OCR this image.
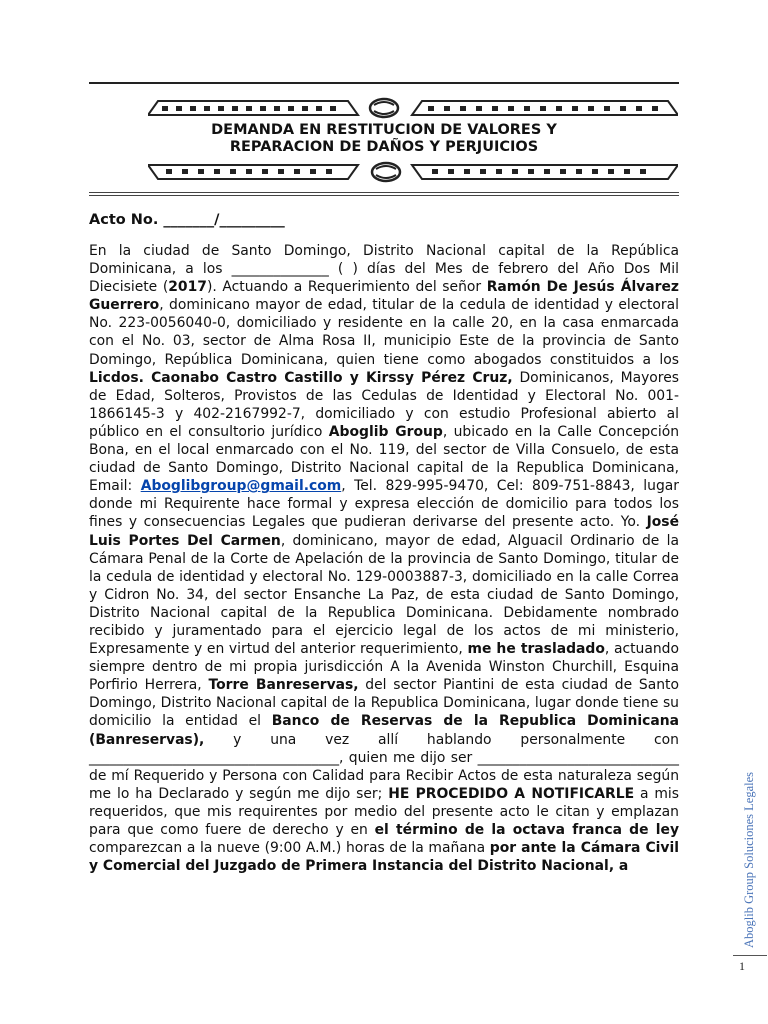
DEMANDA EN RESTITUCION DE VALORES Y
REPARACION DE DAÑOS Y PERJUICIOS
Acto No. _______/_________
En la ciudad de Santo Domingo, Distrito Nacional capital de la República Dominicana, a los ______________ ( ) días del Mes de febrero del Año Dos Mil Diecisiete (2017). Actuando a Requerimiento del señor Ramón De Jesús Álvarez Guerrero, dominicano mayor de edad, titular de la cedula de identidad y electoral No. 223-0056040-0, domiciliado y residente en la calle 20, en la casa enmarcada con el No. 03, sector de Alma Rosa II, municipio Este de la provincia de Santo Domingo, República Dominicana, quien tiene como abogados constituidos a los Licdos. Caonabo Castro Castillo y Kirssy Pérez Cruz, Dominicanos, Mayores de Edad, Solteros, Provistos de las Cedulas de Identidad y Electoral No. 001-1866145-3 y 402-2167992-7, domiciliado y con estudio Profesional abierto al público en el consultorio jurídico Aboglib Group, ubicado en la Calle Concepción Bona, en el local enmarcado con el No. 119, del sector de Villa Consuelo, de esta ciudad de Santo Domingo, Distrito Nacional capital de la Republica Dominicana, Email: Aboglibgroup@gmail.com, Tel. 829-995-9470, Cel: 809-751-8843, lugar donde mi Requirente hace formal y expresa elección de domicilio para todos los fines y consecuencias Legales que pudieran derivarse del presente acto. Yo. José Luis Portes Del Carmen, dominicano, mayor de edad, Alguacil Ordinario de la Cámara Penal de la Corte de Apelación de la provincia de Santo Domingo, titular de la cedula de identidad y electoral No. 129-0003887-3, domiciliado en la calle Correa y Cidron No. 34, del sector Ensanche La Paz, de esta ciudad de Santo Domingo, Distrito Nacional capital de la Republica Dominicana. Debidamente nombrado recibido y juramentado para el ejercicio legal de los actos de mi ministerio, Expresamente y en virtud del anterior requerimiento, me he trasladado, actuando siempre dentro de mi propia jurisdicción A la Avenida Winston Churchill, Esquina Porfirio Herrera, Torre Banreservas, del sector Piantini de esta ciudad de Santo Domingo, Distrito Nacional capital de la Republica Dominicana, lugar donde tiene su domicilio la entidad el Banco de Reservas de la Republica Dominicana (Banreservas), y una vez allí hablando personalmente con ____________________________________, quien me dijo ser _____________________________ de mí Requerido y Persona con Calidad para Recibir Actos de esta naturaleza según me lo ha Declarado y según me dijo ser; HE PROCEDIDO A NOTIFICARLE a mis requeridos, que mis requirentes por medio del presente acto le citan y emplazan para que como fuere de derecho y en el término de la octava franca de ley comparezcan a la nueve (9:00 A.M.) horas de la mañana por ante la Cámara Civil y Comercial del Juzgado de Primera Instancia del Distrito Nacional, a	Aboglib Group Soluciones Legales
1
